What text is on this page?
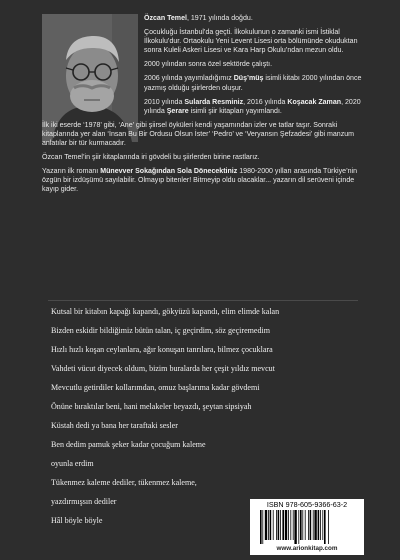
Özcan Temel, 1971 yılında doğdu.

Çocukluğu İstanbul’da geçti. İlkokulunun o zamanki ismi İstiklal İlkokulu’dur. Ortaokulu Yeni Levent Lisesi orta bölümünde okuduktan sonra Kuleli Askeri Lisesi ve Kara Harp Okulu’ndan mezun oldu.

2000 yılından sonra özel sektörde çalıştı.

2006 yılında yayımladığımız Düş’müş isimli kitabı 2000 yılından önce yazmış olduğu şiirlerden oluşur.

2010 yılında Sularda Resminiz, 2016 yılında Koşacak Zaman, 2020 yılında Şerare isimli şiir kitapları yayımlandı.

İlk iki eserde ‘1978’ gibi, ‘Ane’ gibi şiirsel öyküleri kendi yaşamından izler ve tatlar taşır. Sonraki kitaplarında yer alan ‘İnsan Bu Bir Ordusu Olsun İster’ ‘Pedro’ ve ‘Veryansın Şefzadesi’ gibi manzum anlatılar bir tür kurmacadır.

Özcan Temel’in şiir kitaplarında iri gövdeli bu şiirlerden birine rastlarız.

Yazarın ilk romanı Münevver Sokağından Sola Dönecektiniz 1980-2000 yılları arasında Türkiye’nin özgün bir izdüşümü sayılabilir. Olmayıp bitenler! Bitmeyip oldu olacaklar... yazarın dil serüveni içinde kayıp gider.

Kutsal bir kitabın kapağı kapandı, gökyüzü kapandı, elim elimde kalan
Bizden eskidir bildiğimiz bütün talan, iç geçirdim, söz geçiremedim
Hızlı hızlı koşan ceylanlara, ağır konuşan tanrılara, bilmez çocuklara
Vahdeti vücut diyecek oldum, bizim buralarda her çeşit yıldız mevcut
Mevcutlu getirdiler kollarımdan, omuz başlarıma kadar gövdemi
Önüne bıraktılar beni, hani melakeler beyazdı, şeytan sipsiyah
Küstah dedi ya bana her taraftaki sesler
Ben dedim pamuk şeker kadar çocuğum kaleme
oyunla erdim
Tükenmez kaleme dediler, tükenmez kaleme,
yazdırmışsın dediler
Hâl böyle böyle
ISBN 978-605-9366-63-2
www.arionkitap.com
